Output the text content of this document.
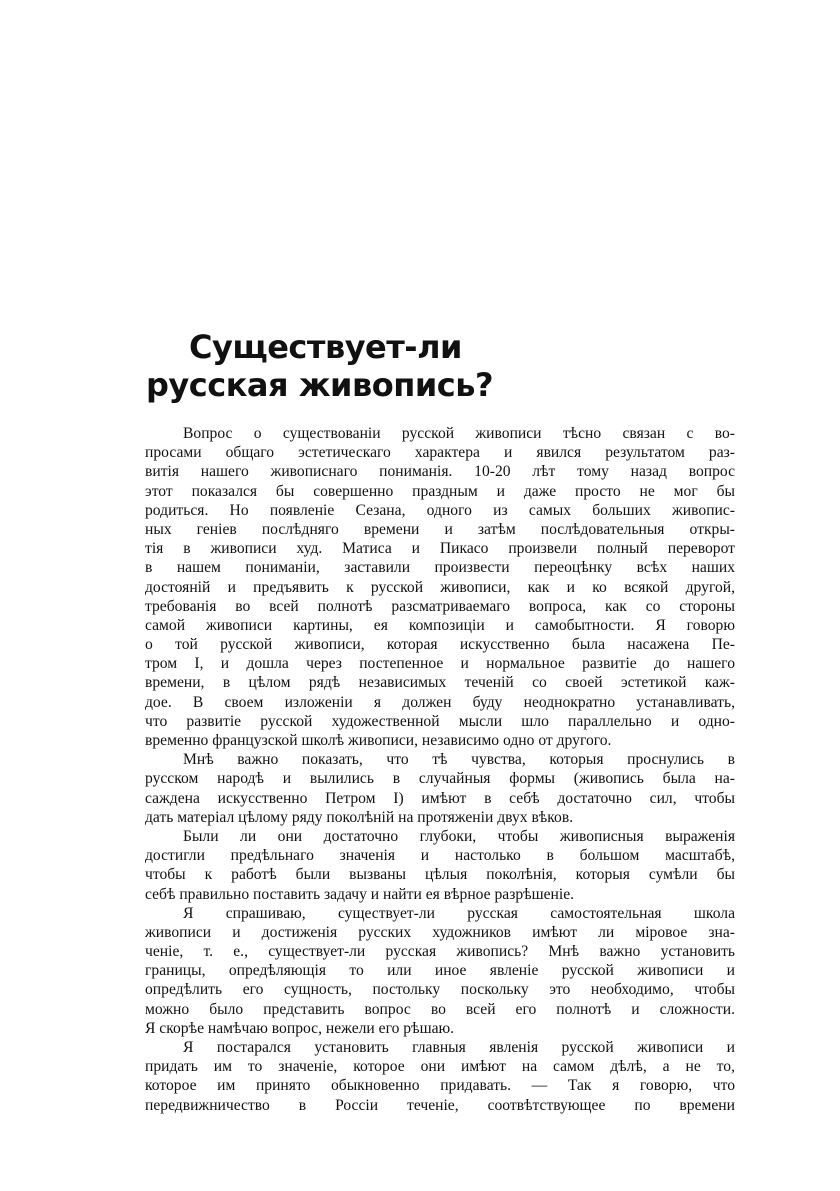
Существует-ли
русская живопись?
Вопрос о существованiи русской живописи тѣсно связан с во-
просами общаго эстетическаго характера и явился результатом раз-
витiя нашего живописнаго пониманiя. 10-20 лѣт тому назад вопрос
этот показался бы совершенно праздным и даже просто не мог бы
родиться. Но появленiе Сезана, одного из самых больших живопис-
ных генiев послѣдняго времени и затѣм послѣдовательныя откры-
тiя в живописи худ. Матиса и Пикасо произвели полный переворот
в нашем пониманiи, заставили произвести переоцѣнку всѣх наших
достоянiй и предъявить к русской живописи, как и ко всякой другой,
требованiя во всей полнотѣ разсматриваемаго вопроса, как со стороны
самой живописи картины, ея композицiи и самобытности. Я говорю
о той русской живописи, которая искусственно была насажена Пе-
тром I, и дошла через постепенное и нормальное развитiе до нашего
времени, в цѣлом рядѣ независимых теченiй со своей эстетикой каж-
дое. В своем изложенiи я должен буду неоднократно устанавливать,
что развитiе русской художественной мысли шло параллельно и одно-
временно французской школѣ живописи, независимо одно от другого.
Мнѣ важно показать, что тѣ чувства, которыя проснулись в
русском народѣ и вылились в случайныя формы (живопись была на-
саждена искусственно Петром I) имѣют в себѣ достаточно сил, чтобы
дать матерiал цѣлому ряду поколѣнiй на протяженiи двух вѣков.
Были ли они достаточно глубоки, чтобы живописныя выраженiя
достигли предѣльнаго значенiя и настолько в большом масштабѣ,
чтобы к работѣ были вызваны цѣлыя поколѣнiя, которыя сумѣли бы
себѣ правильно поставить задачу и найти ея вѣрное разрѣшенiе.
Я спрашиваю, существует-ли русская самостоятельная школа
живописи и достиженiя русских художников имѣют ли мiровое зна-
ченiе, т. е., существует-ли русская живопись? Мнѣ важно установить
границы, опредѣляющiя то или иное явленiе русской живописи и
опредѣлить его сущность, постольку поскольку это необходимо, чтобы
можно было представить вопрос во всей его полнотѣ и сложности.
Я скорѣе намѣчаю вопрос, нежели его рѣшаю.
Я постарался установить главныя явленiя русской живописи и
придать им то значенiе, которое они имѣют на самом дѣлѣ, а не то,
которое им принято обыкновенно придавать. — Так я говорю, что
передвижничество в Россiи теченiе, соотвѣтствующее по времени
